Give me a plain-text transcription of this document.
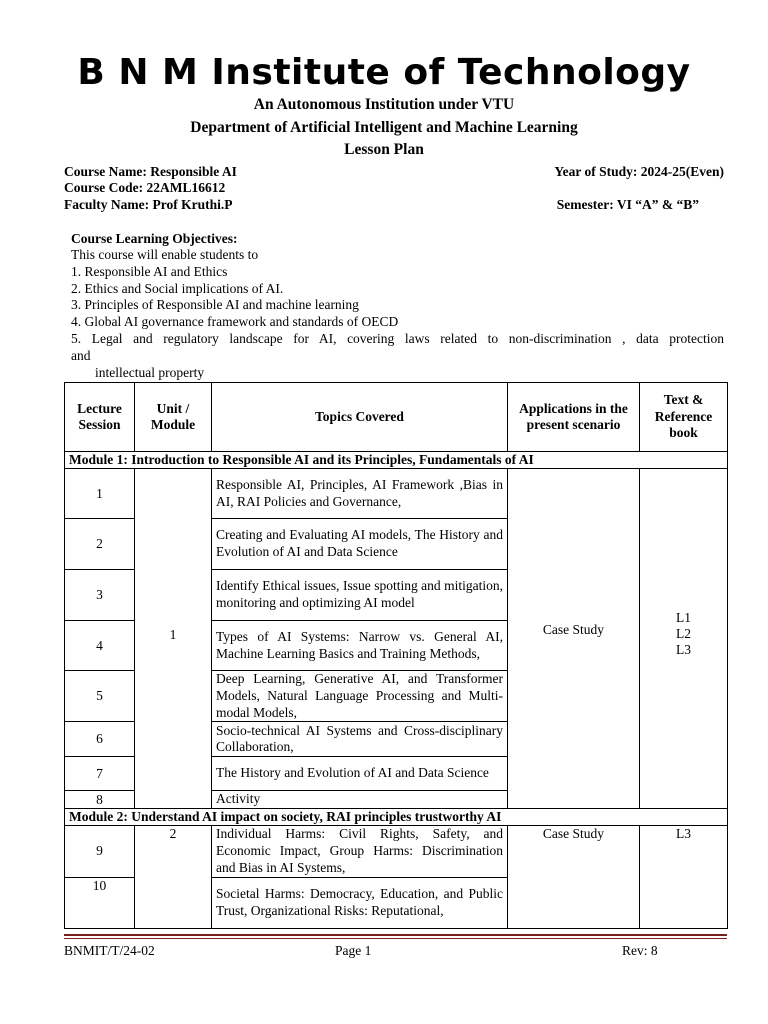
B N M Institute of Technology
An Autonomous Institution under VTU
Department of Artificial Intelligent and Machine Learning
Lesson Plan
Course Name: Responsible AI
Course Code: 22AML16612
Faculty Name: Prof Kruthi.P
Year of Study: 2024-25(Even)
Semester: VI “A” & “B”
Course Learning Objectives:
This course will enable students to
1. Responsible AI and Ethics
2. Ethics and Social implications of AI.
3. Principles of Responsible AI and machine learning
4. Global AI governance framework and standards of OECD
5. Legal and regulatory landscape for AI, covering laws related to non-discrimination , data protection
and
intellectual property
Lecture Session	Unit / Module	Topics Covered	Applications in the present scenario	Text & Reference book
Module 1: Introduction to Responsible AI and its Principles, Fundamentals of AI				
1	1	Responsible AI, Principles, AI Framework ,Bias in AI, RAI Policies and Governance,	Case Study	L1
L2
L3

2		Creating and Evaluating AI models, The History and Evolution of AI and Data Science		
3		Identify Ethical issues, Issue spotting and mitigation, monitoring and optimizing AI model		
4		Types of AI Systems: Narrow vs. General AI, Machine Learning Basics and Training Methods,		
5		Deep Learning, Generative AI, and Transformer Models, Natural Language Processing and Multi-modal Models,		
6		Socio-technical AI Systems and Cross-disciplinary Collaboration,		
7		The History and Evolution of AI and Data Science		
8		Activity		
Module 2: Understand AI impact on society, RAI principles trustworthy AI				
9	2	Individual Harms: Civil Rights, Safety, and Economic Impact, Group Harms: Discrimination and Bias in AI Systems,	Case Study	L3
10		Societal Harms: Democracy, Education, and Public Trust, Organizational Risks: Reputational,		
BNMIT/T/24-02	Page 1	Rev: 8
